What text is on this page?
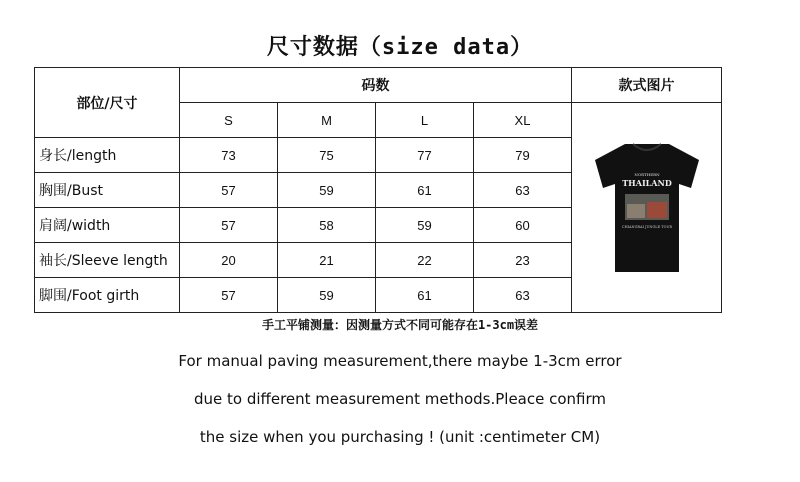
尺寸数据（size data）
部位/尺寸	码数				款式图片
	S	M	L	XL	NORTHERN
THAILAND
CHIANGRAI JUNGLE TOUR

身长/length	73	75	77	79	
胸围/Bust	57	59	61	63	
肩阔/width	57	58	59	60	
袖长/Sleeve length	20	21	22	23	
脚围/Foot girth	57	59	61	63	
手工平铺测量：因测量方式不同可能存在1-3cm误差
For manual paving measurement,there maybe 1-3cm error
due to different measurement methods.Pleace confirm
the size when you purchasing ! (unit :centimeter CM)
